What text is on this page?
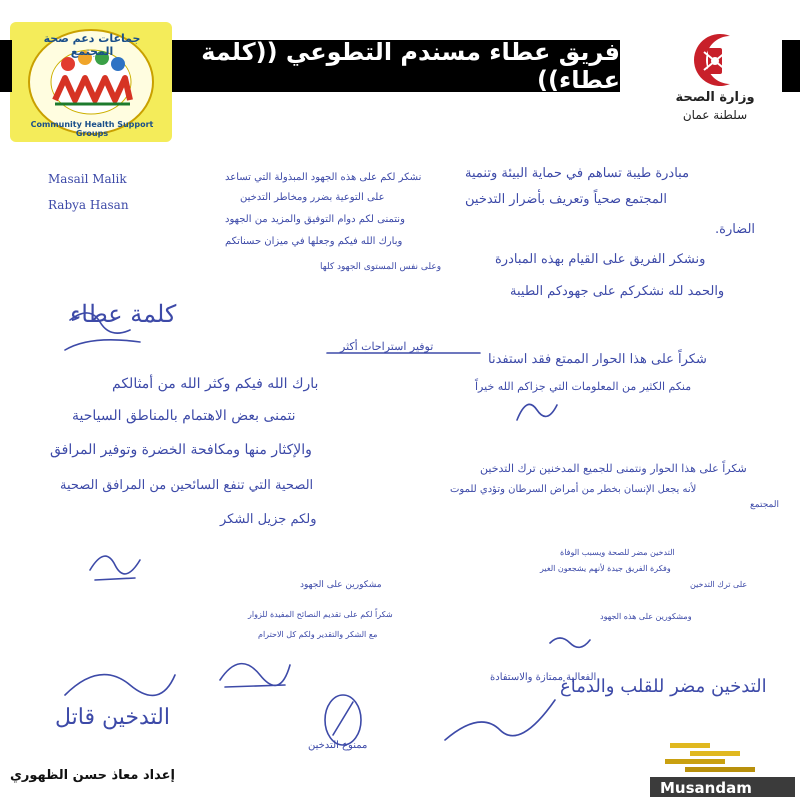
جماعات دعم صحة المجتمع
Community Health Support Groups
فريق عطاء مسندم التطوعي ((كلمة عطاء))
وزارة الصحة
سلطنة عمان
Masail Malik
Rabya Hasan
نشكر لكم على هذه الجهود المبذولة التي تساعد
على التوعية بضرر ومخاطر التدخين
ونتمنى لكم دوام التوفيق والمزيد من الجهود
وبارك الله فيكم وجعلها في ميزان حسناتكم
وعلى نفس المستوى الجهود كلها
مبادرة طيبة تساهم في حماية البيئة وتنمية
المجتمع صحياً وتعريف بأضرار التدخين
الضارة.
ونشكر الفريق على القيام بهذه المبادرة
والحمد لله نشكركم على جهودكم الطيبة
كلمة عطاء
توفير استراحات أكثر
بارك الله فيكم وكثر الله من أمثالكم
نتمنى بعض الاهتمام بالمناطق السياحية
والإكثار منها ومكافحة الخضرة وتوفير المرافق
الصحية التي تنفع السائحين من المرافق الصحية
ولكم جزيل الشكر
شكراً على هذا الحوار الممتع فقد استفدنا
منكم الكثير من المعلومات التي جزاكم الله خيراً
شكراً على هذا الحوار ونتمنى للجميع المدخنين ترك التدخين
لأنه يجعل الإنسان بخطر من أمراض السرطان وتؤدي للموت
المجتمع
التدخين مضر للصحة ويسبب الوفاة
وفكرة الفريق جيدة لأنهم يشجعون الغير
على ترك التدخين
ومشكورين على هذه الجهود
مشكورين على الجهود
شكراً لكم على تقديم النصائح المفيدة للزوار
مع الشكر والتقدير ولكم كل الاحترام
التدخين قاتل
ممنوع التدخين
الفعالية ممتازة والاستفادة
التدخين مضر للقلب والدماغ
إعداد معاذ حسن الظهوري
Musandam
